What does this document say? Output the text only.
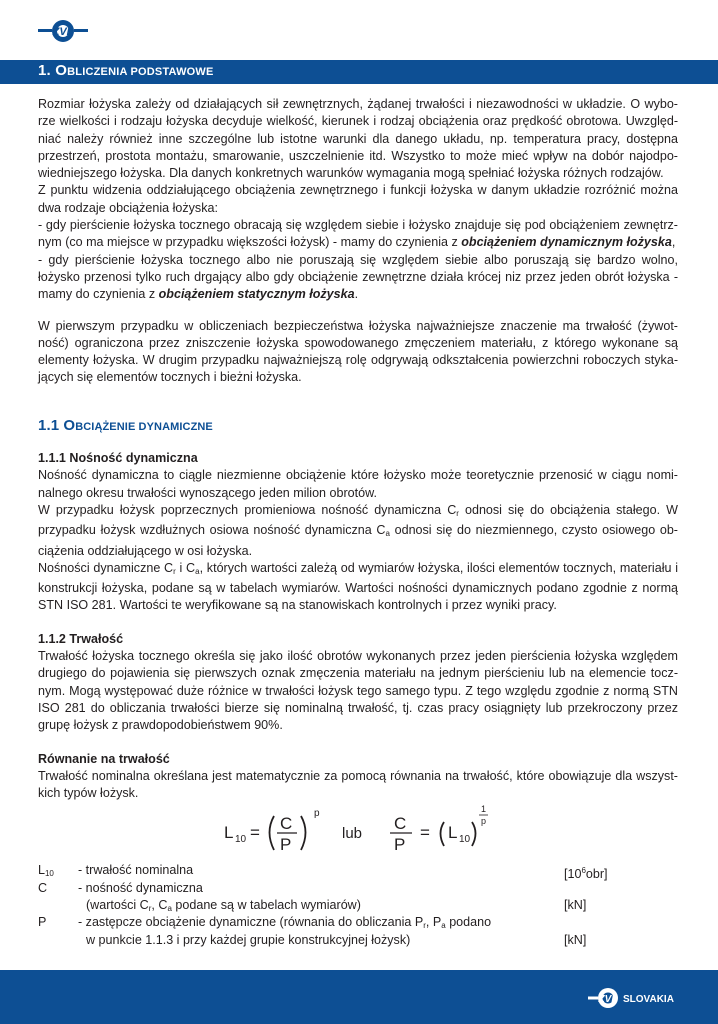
ZVL
1. OBLICZENIA PODSTAWOWE

Rozmiar łożyska zależy od działających sił zewnętrznych, żądanej trwałości i niezawodności w układzie. O wybo-rze wielkości i rodzaju łożyska decyduje wielkość, kierunek i rodzaj obciążenia oraz prędkość obrotowa. Uwzględ-niać należy również inne szczególne lub istotne warunki dla danego układu, np. temperatura pracy, dostępna przestrzeń, prostota montażu, smarowanie, uszczelnienie itd. Wszystko to może mieć wpływ na dobór najodpo-wiedniejszego łożyska. Dla danych konkretnych warunków wymagania mogą spełniać łożyska różnych rodzajów.

Z punktu widzenia oddziałującego obciążenia zewnętrznego i funkcji łożyska w danym układzie rozróżnić można dwa rodzaje obciążenia łożyska:

- gdy pierścienie łożyska tocznego obracają się względem siebie i łożysko znajduje się pod obciążeniem zewnętrz-nym (co ma miejsce w przypadku większości łożysk) - mamy do czynienia z obciążeniem dynamicznym łożyska,

- gdy pierścienie łożyska tocznego albo nie poruszają się względem siebie albo poruszają się bardzo wolno, łożysko przenosi tylko ruch drgający albo gdy obciążenie zewnętrzne działa krócej niz przez jeden obrót łożyska - mamy do czynienia z obciążeniem statycznym łożyska.

W pierwszym przypadku w obliczeniach bezpieczeństwa łożyska najważniejsze znaczenie ma trwałość (żywot-ność) ograniczona przez zniszczenie łożyska spowodowanego zmęczeniem materiału, z którego wykonane są elementy łożyska. W drugim przypadku najważniejszą rolę odgrywają odkształcenia powierzchni roboczych styka-jących się elementów tocznych i bieżni łożyska.

1.1 OBCIĄŻENIE DYNAMICZNE

1.1.1 Nośność dynamiczna

Nośność dynamiczna to ciągle niezmienne obciążenie które łożysko może teoretycznie przenosić w ciągu nomi-nalnego okresu trwałości wynoszącego jeden milion obrotów.

W przypadku łożysk poprzecznych promieniowa nośność dynamiczna $C_r$ odnosi się do obciążenia stałego. W przypadku łożysk wzdłużnych osiowa nośność dynamiczna $C_a$ odnosi się do niezmiennego, czysto osiowego ob-ciążenia oddziałującego w osi łożyska.

Nośności dynamiczne $C_r$ i $C_a$, których wartości zależą od wymiarów łożyska, ilości elementów tocznych, materiału i konstrukcji łożyska, podane są w tabelach wymiarów. Wartości nośności dynamicznych podano zgodnie z normą STN ISO 281. Wartości te weryfikowane są na stanowiskach kontrolnych i przez wyniki pracy.

1.1.2 Trwałość

Trwałość łożyska tocznego określa się jako ilość obrotów wykonanych przez jeden pierścienia łożyska względem drugiego do pojawienia się pierwszych oznak zmęczenia materiału na jednym pierścieniu lub na elemencie tocz-nym. Mogą występować duże różnice w trwałości łożysk tego samego typu. Z tego względu zgodnie z normą STN ISO 281 do obliczania trwałości bierze się nominalną trwałość, tj. czas pracy osiągnięty lub przekroczony przez grupę łożysk z prawdopodobieństwem 90%.

Równanie na trwałość

Trwałość nominalna określana jest matematycznie za pomocą równania na trwałość, które obowiązuje dla wszyst-kich typów łożysk.

L 10 = C
P
p
lub
C
P
= L 10
1
p
$L_{10}$ - trwałość nominalna	$[10^6obr]$
C - nośność dynamiczna
(wartości $C_r$, $C_a$ podane są w tabelach wymiarów)	[kN]
P	- zastępcze obciążenie dynamiczne (równania do obliczania $P_r$, $P_a$ podano
w punkcie 1.1.3 i przy każdej grupie konstrukcyjnej łożysk)	[kN]
ZVL SLOVAKIA
